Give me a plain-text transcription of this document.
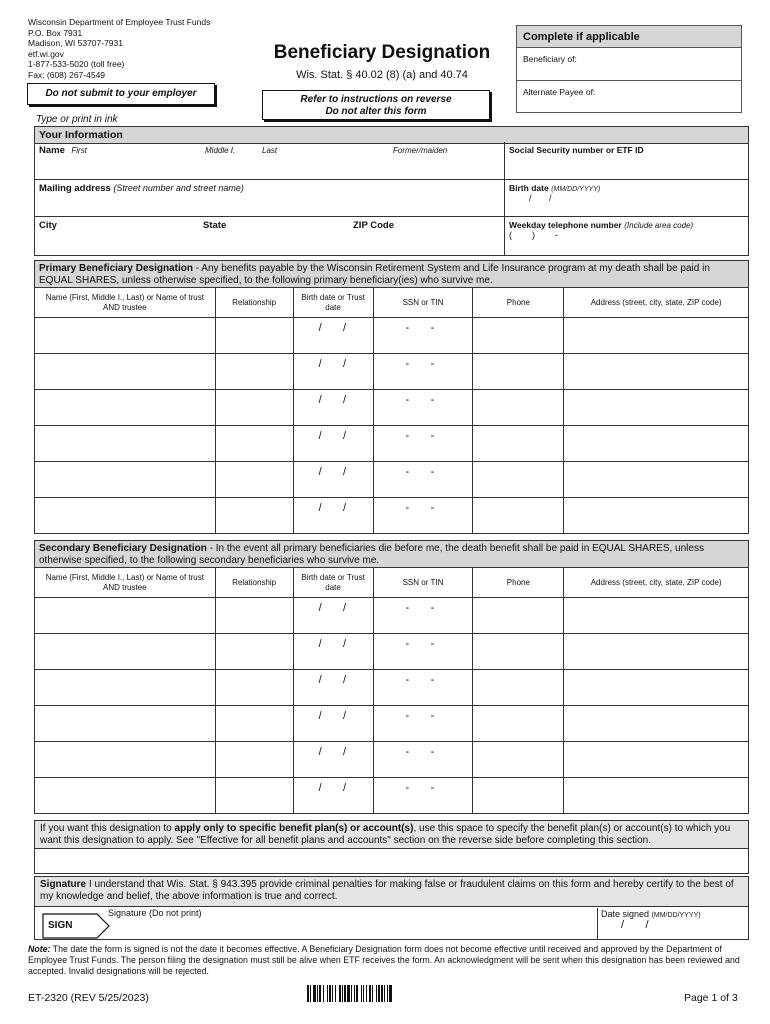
Wisconsin Department of Employee Trust Funds
P.O. Box 7931
Madison, WI 53707-7931
etf.wi.gov
1-877-533-5020 (toll free)
Fax: (608) 267-4549
Beneficiary Designation
Wis. Stat. § 40.02 (8) (a) and 40.74
Do not submit to your employer
Refer to instructions on reverse
Do not alter this form
Complete if applicable
Beneficiary of:
Alternate Payee of:
Type or print in ink
Your Information
Name First	Middle I.	Last	Former/maiden	Social Security number or ETF ID
Mailing address (Street number and street name)	Birth date (MM/DD/YYYY)
/       /
City	State	ZIP Code	Weekday telephone number (Include area code)
(        )        -
Primary Beneficiary Designation - Any benefits payable by the Wisconsin Retirement System and Life Insurance program at my death shall be paid in EQUAL SHARES, unless otherwise specified, to the following primary beneficiary(ies) who survive me.
Name (First, Middle I., Last) or Name of trust AND trustee	Relationship	Birth date or Trust date	SSN or TIN	Phone	Address (street, city, state, ZIP code)
		/       /	-       -		
		/       /	-       -		
		/       /	-       -		
		/       /	-       -		
		/       /	-       -		
		/       /	-       -		
Secondary Beneficiary Designation - In the event all primary beneficiaries die before me, the death benefit shall be paid in EQUAL SHARES, unless otherwise specified, to the following secondary beneficiaries who survive me.
Name (First, Middle I., Last) or Name of trust AND trustee	Relationship	Birth date or Trust date	SSN or TIN	Phone	Address (street, city, state, ZIP code)
		/       /	-       -		
		/       /	-       -		
		/       /	-       -		
		/       /	-       -		
		/       /	-       -		
		/       /	-       -		
If you want this designation to apply only to specific benefit plan(s) or account(s), use this space to specify the benefit plan(s) or account(s) to which you want this designation to apply. See "Effective for all benefit plans and accounts" section on the reverse side before completing this section.
Signature I understand that Wis. Stat. § 943.395 provide criminal penalties for making false or fraudulent claims on this form and hereby certify to the best of my knowledge and belief, the above information is true and correct.
SIGN
Signature (Do not print)	Date signed (MM/DD/YYYY)
/       /
Note: The date the form is signed is not the date it becomes effective. A Beneficiary Designation form does not become effective until received and approved by the Department of Employee Trust Funds. The person filing the designation must still be alive when ETF receives the form. An acknowledgment will be sent when this designation has been reviewed and accepted. Invalid designations will be rejected.
ET-2320 (REV 5/25/2023)	Page 1 of 3
